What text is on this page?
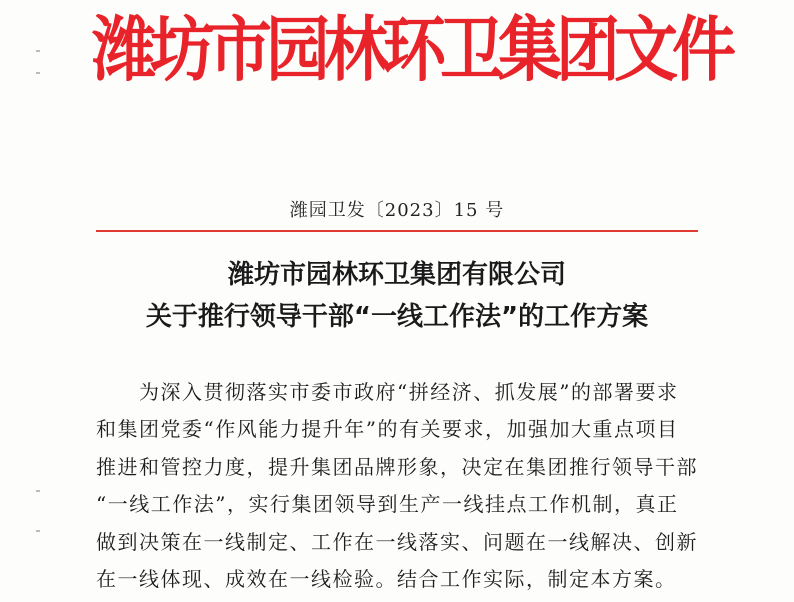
潍坊市园林环卫集团文件
潍园卫发〔2023〕15 号
潍坊市园林环卫集团有限公司
关于推行领导干部“一线工作法”的工作方案
　　为深入贯彻落实市委市政府“拼经济、抓发展”的部署要求
和集团党委“作风能力提升年”的有关要求，加强加大重点项目
推进和管控力度，提升集团品牌形象，决定在集团推行领导干部
“一线工作法”，实行集团领导到生产一线挂点工作机制，真正
做到决策在一线制定、工作在一线落实、问题在一线解决、创新
在一线体现、成效在一线检验。结合工作实际，制定本方案。
